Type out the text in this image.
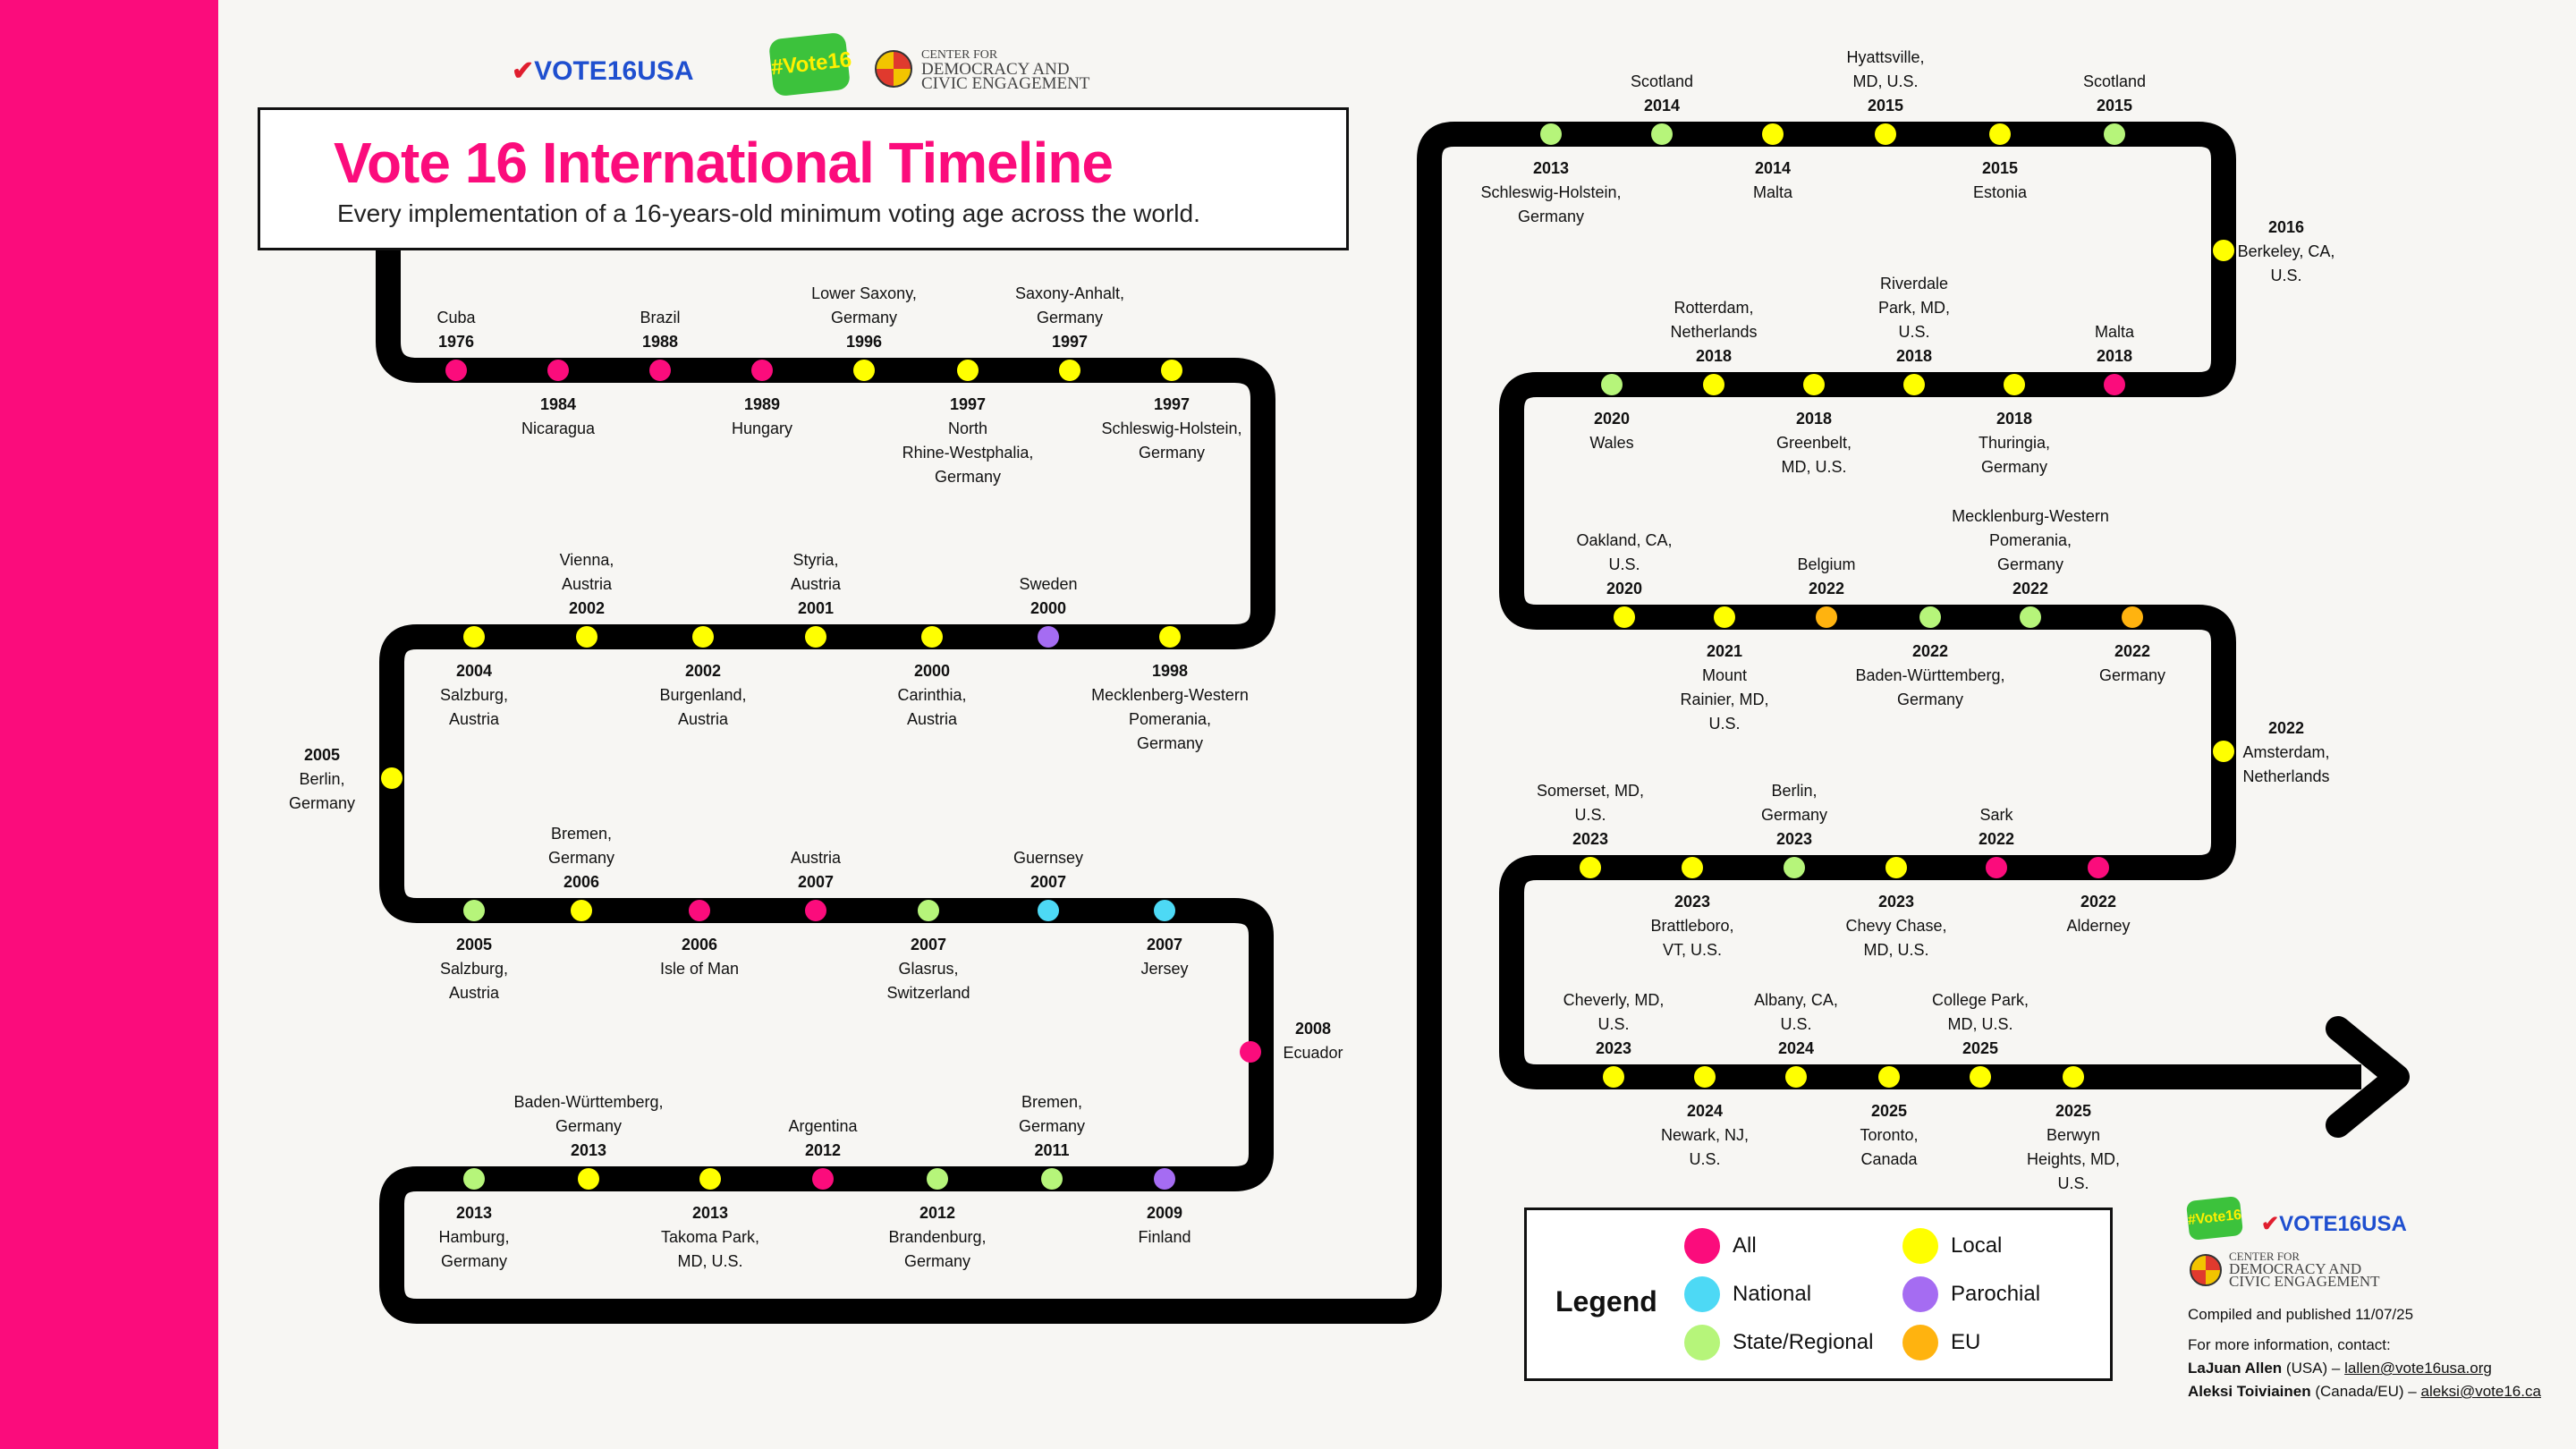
✔VOTE16USA	#Vote16	CENTER FOR
DEMOCRACY AND
CIVIC ENGAGEMENT
Cuba 1976
1984 Nicaragua
Brazil 1988
1989 Hungary
Lower Saxony, Germany 1996
1997 North Rhine-Westphalia, Germany
Saxony-Anhalt, Germany 1997
1997 Schleswig-Holstein, Germany
1998 Mecklenberg-Western Pomerania, Germany
Sweden 2000
2000 Carinthia, Austria
Styria, Austria 2001
2002 Burgenland, Austria
Vienna, Austria 2002
2004 Salzburg, Austria
2005 Berlin, Germany
2005 Salzburg, Austria
Bremen, Germany 2006
2006 Isle of Man
Austria 2007
2007 Glasrus, Switzerland
Guernsey 2007
2007 Jersey
2008 Ecuador
2009 Finland
Bremen, Germany 2011
2012 Brandenburg, Germany
Argentina 2012
2013 Takoma Park, MD, U.S.
Baden-Württemberg, Germany 2013
2013 Hamburg, Germany
2013 Schleswig-Holstein, Germany
Scotland 2014
2014 Malta
Hyattsville, MD, U.S. 2015
2015 Estonia
Scotland 2015
2016 Berkeley, CA, U.S.
Malta 2018
2018 Thuringia, Germany
Riverdale Park, MD, U.S. 2018
2018 Greenbelt, MD, U.S.
Rotterdam, Netherlands 2018
2020 Wales
Oakland, CA, U.S. 2020
2021 Mount Rainier, MD, U.S.
Belgium 2022
2022 Baden-Württemberg, Germany
Mecklenburg-Western Pomerania, Germany 2022
2022 Germany
2022 Amsterdam, Netherlands
2022 Alderney
Sark 2022
2023 Chevy Chase, MD, U.S.
Berlin, Germany 2023
2023 Brattleboro, VT, U.S.
Somerset, MD, U.S. 2023
Cheverly, MD, U.S. 2023
2024 Newark, NJ, U.S.
Albany, CA, U.S. 2024
2025 Toronto, Canada
College Park, MD, U.S. 2025
2025 Berwyn Heights, MD, U.S.
Vote 16 International Timeline
Every implementation of a 16-years-old minimum voting age across the world.
Legend
All
National
State/Regional
Local
Parochial
EU
#Vote16 ✔VOTE16USA
CENTER FOR
DEMOCRACY AND
CIVIC ENGAGEMENT
Compiled and published 11/07/25
For more information, contact:
LaJuan Allen (USA) – lallen@vote16usa.org
Aleksi Toiviainen (Canada/EU) – aleksi@vote16.ca
